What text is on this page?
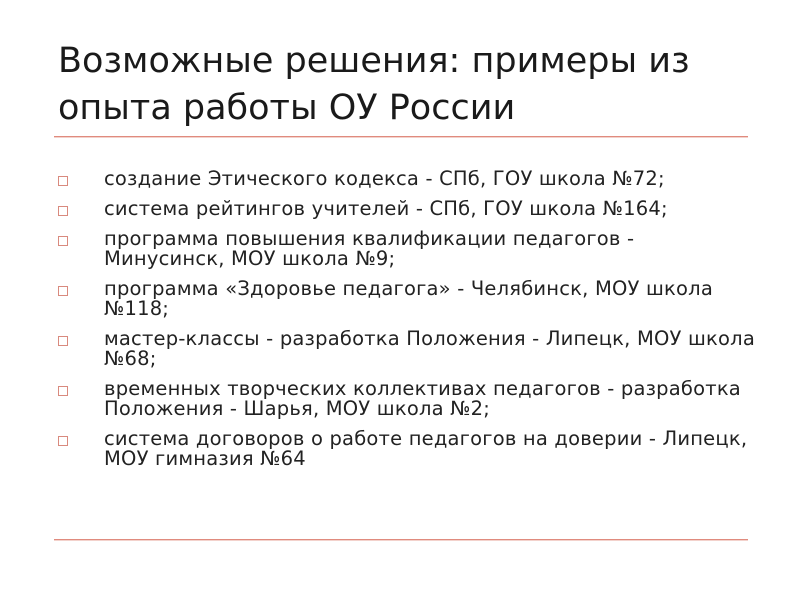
Возможные решения: примеры из опыта работы ОУ России
создание Этического кодекса - СПб, ГОУ школа №72;
система рейтингов учителей - СПб, ГОУ школа №164;
программа повышения квалификации педагогов - Минусинск, МОУ школа №9;
программа «Здоровье педагога» - Челябинск, МОУ школа №118;
мастер-классы - разработка Положения - Липецк, МОУ школа №68;
временных творческих коллективах педагогов - разработка Положения - Шарья, МОУ школа №2;
система договоров о работе педагогов на доверии - Липецк, МОУ гимназия №64
